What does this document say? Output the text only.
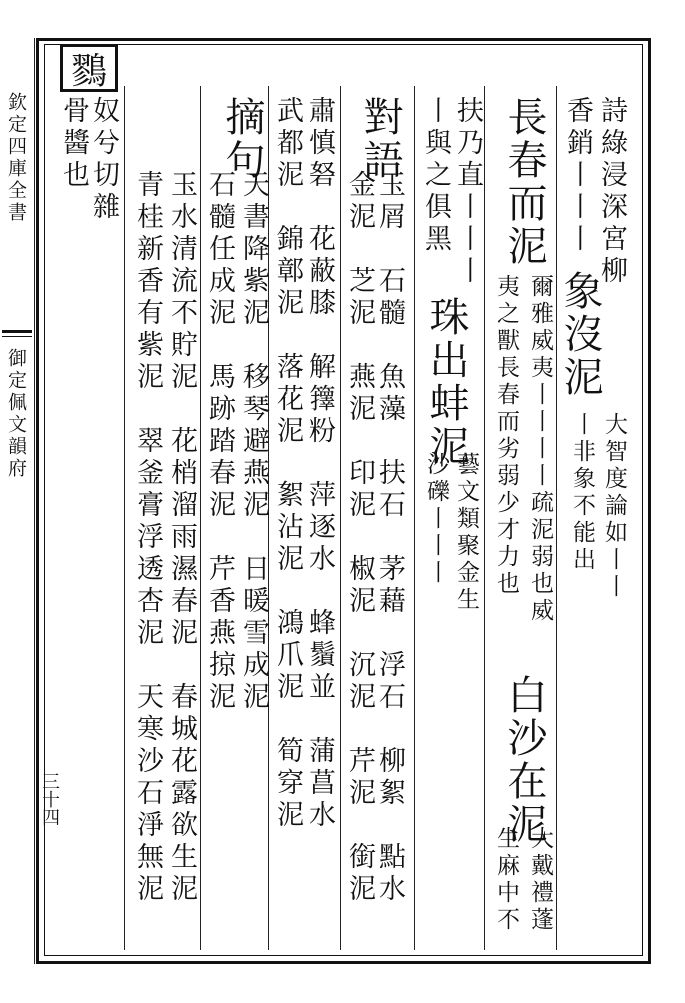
欽定四庫全書
御定佩文韻府
三十四
鷚
詩綠浸深宮柳
香銷丨丨丨
象沒泥
大智度論如丨丨
丨非象不能出
長春而泥
爾雅威夷丨丨丨丨疏泥弱也威
夷之獸長春而劣弱少才力也
白沙在泥
大戴禮蓬
生麻中不
扶乃直丨丨丨
丨與之俱黑
珠出蚌泥
藝文類聚金生
沙礫丨丨丨
對語
玉屑　石髓　魚藻　扶石　茅藉　浮石　柳絮　點水
金泥　芝泥　燕泥　印泥　椒泥　沉泥　芹泥　銜泥
肅慎砮　花蔽膝　解籜粉　萍逐水　蜂鬚並　蒲菖水
武都泥　錦鄣泥　落花泥　絮沾泥　鴻爪泥　筍穿泥
摘句
天書降紫泥　移琴避燕泥　日暖雪成泥
石髓任成泥　馬跡踏春泥　芹香燕掠泥
玉水清流不貯泥　花梢溜雨濕春泥　春城花露欲生泥
青桂新香有紫泥　翠釜膏浮透杏泥　天寒沙石淨無泥
奴兮切雜
骨醬也
